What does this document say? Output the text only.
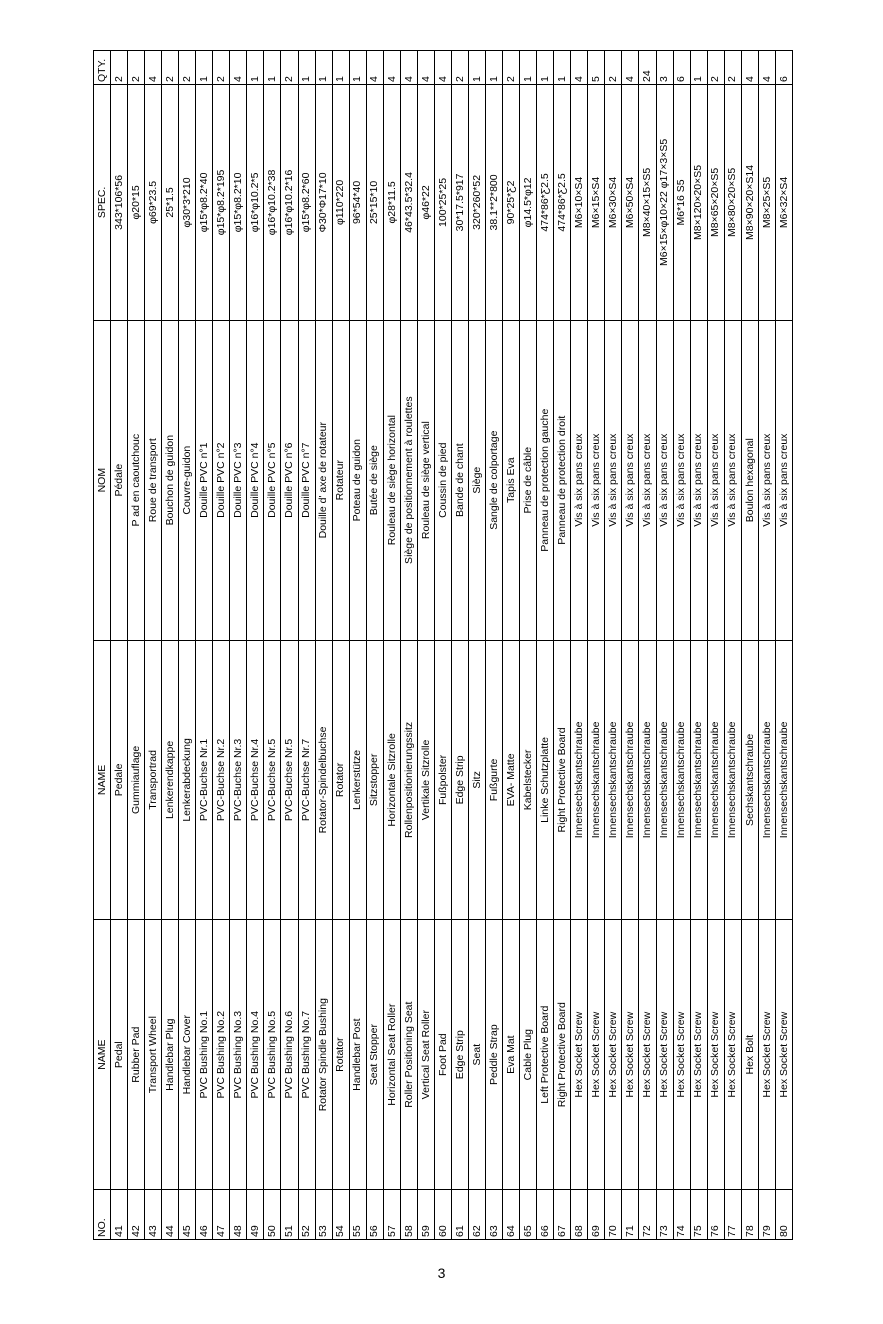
NO.	NAME	NAME	NOM	SPEC.	QTY.
41	Pedal	Pedale	Pédale	343*106*56	2
42	Rubber Pad	Gummiauflage	P ad en caoutchouc	φ20*15	2
43	Transport Wheel	Transportrad	Roue de transport	φ69*23.5	4
44	Handlebar Plug	Lenkerendkappe	Bouchon de guidon	25*1.5	2
45	Handlebar Cover	Lenkerabdeckung	Couvre-guidon	φ30*3*210	2
46	PVC Bushing No.1	PVC-Buchse Nr.1	Douille PVC n°1	φ15*φ8.2*40	1
47	PVC Bushing No.2	PVC-Buchse Nr.2	Douille PVC n°2	φ15*φ8.2*195	2
48	PVC Bushing No.3	PVC-Buchse Nr.3	Douille PVC n°3	φ15*φ8.2*10	4
49	PVC Bushing No.4	PVC-Buchse Nr.4	Douille PVC n°4	φ16*φ10.2*5	1
50	PVC Bushing No.5	PVC-Buchse Nr.5	Douille PVC n°5	φ16*φ10.2*38	1
51	PVC Bushing No.6	PVC-Buchse Nr.5	Douille PVC n°6	φ16*φ10.2*16	2
52	PVC Bushing No.7	PVC-Buchse Nr.7	Douille PVC n°7	φ15*φ8.2*60	1
53	Rotator Spindle Bushing	Rotator-Spindelbuchse	Douille d' axe de rotateur	Φ30*Φ17*10	1
54	Rotator	Rotator	Rotateur	φ110*220	1
55	Handlebar Post	Lenkerstütze	Poteau de guidon	96*54*40	1
56	Seat Stopper	Sitzstopper	Butée de siège	25*15*10	4
57	Horizontal Seat Roller	Horizontale Sitzrolle	Rouleau de siège horizontal	φ28*11.5	4
58	Roller Positioning Seat	Rollenpositionierungssitz	Siège de positionnement à roulettes	46*43.5*32.4	4
59	Vertical Seat Roller	Vertikale Sitzrolle	Rouleau de siège vertical	φ46*22	4
60	Foot Pad	Fußpolster	Coussin de pied	100*25*25	4
61	Edge Strip	Edge Strip	Bande de chant	30*17.5*917	2
62	Seat	Sitz	Siège	320*260*52	1
63	Peddle Strap	Fußgurte	Sangle de colportage	38.1**2*800	1
64	Eva Mat	EVA- Matte	Tapis Eva	90*25*Ƹ2	2
65	Cable Plug	Kabelstecker	Prise de câble	φ14.5*φ12	1
66	Left Protective Board	Linke Schutzplatte	Panneau de protection gauche	474*86*Ƹ2.5	1
67	Right Protective Board	Right Protective Board	Panneau de protection droit	474*86*Ƹ2.5	1
68	Hex Socket Screw	Innensechskantschraube	Vis à six pans creux	M6×10×S4	4
69	Hex Socket Screw	Innensechskantschraube	Vis à six pans creux	M6×15×S4	5
70	Hex Socket Screw	Innensechskantschraube	Vis à six pans creux	M6×30×S4	2
71	Hex Socket Screw	Innensechskantschraube	Vis à six pans creux	M6×50×S4	4
72	Hex Socket Screw	Innensechskantschraube	Vis à six pans creux	M8×40×15×S5	24
73	Hex Socket Screw	Innensechskantschraube	Vis à six pans creux	M6×15×φ10×22 φ17×3×S5	3
74	Hex Socket Screw	Innensechskantschraube	Vis à six pans creux	M6*16 S5	6
75	Hex Socket Screw	Innensechskantschraube	Vis à six pans creux	M8×120×20×S5	1
76	Hex Socket Screw	Innensechskantschraube	Vis à six pans creux	M8×65×20×S5	2
77	Hex Socket Screw	Innensechskantschraube	Vis à six pans creux	M8×80×20×S5	2
78	Hex Bolt	Sechskantschraube	Boulon hexagonal	M8×90×20×S14	4
79	Hex Socket Screw	Innensechskantschraube	Vis à six pans creux	M8×25×S5	4
80	Hex Socket Screw	Innensechskantschraube	Vis à six pans creux	M6×32×S4	6
3
